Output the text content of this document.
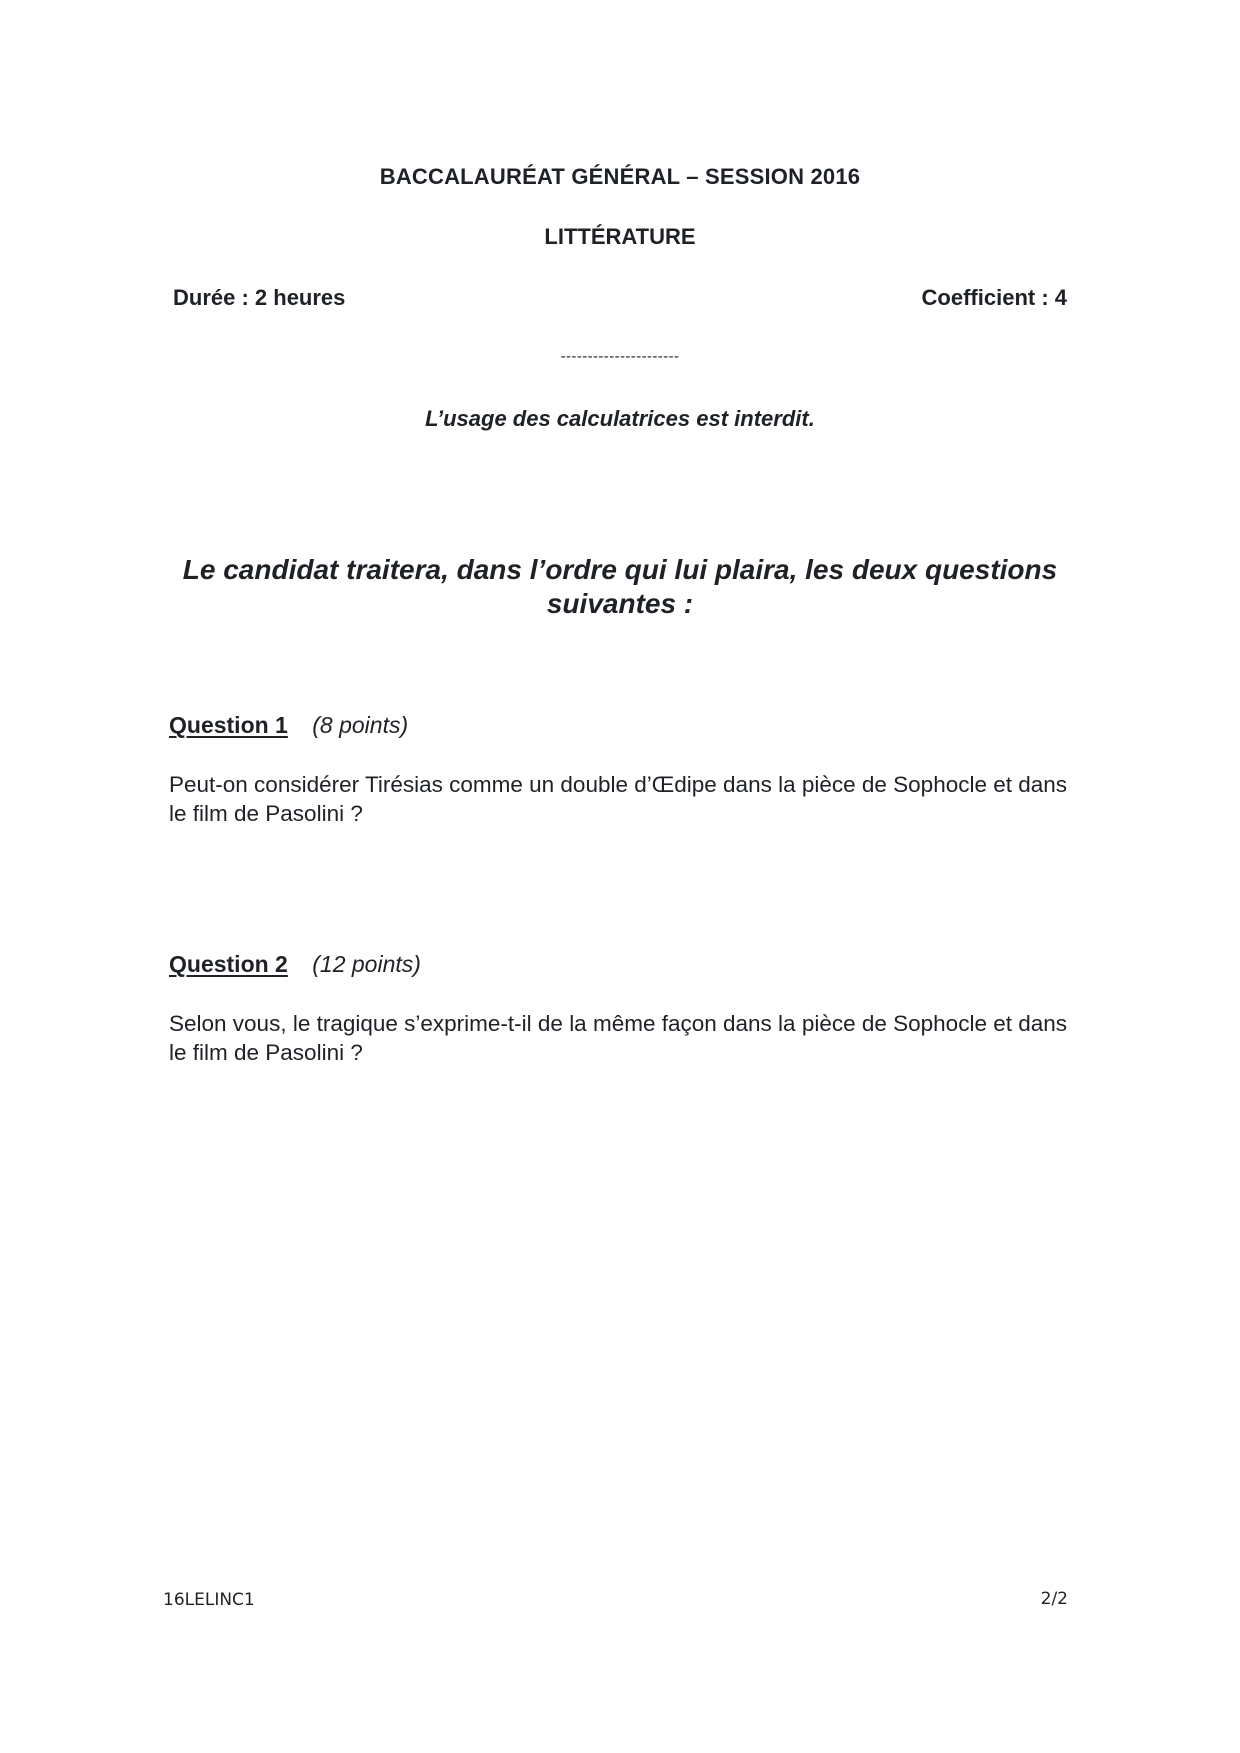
BACCALAURÉAT GÉNÉRAL – SESSION 2016
LITTÉRATURE
Durée : 2 heures	Coefficient : 4
----------------------
L’usage des calculatrices est interdit.
Le candidat traitera, dans l’ordre qui lui plaira, les deux questions suivantes :
Question 1 (8 points)
Peut-on considérer Tirésias comme un double d’Œdipe dans la pièce de Sophocle et dans le film de Pasolini ?
Question 2 (12 points)
Selon vous, le tragique s’exprime-t-il de la même façon dans la pièce de Sophocle et dans le film de Pasolini ?
16LELINC1	2/2
